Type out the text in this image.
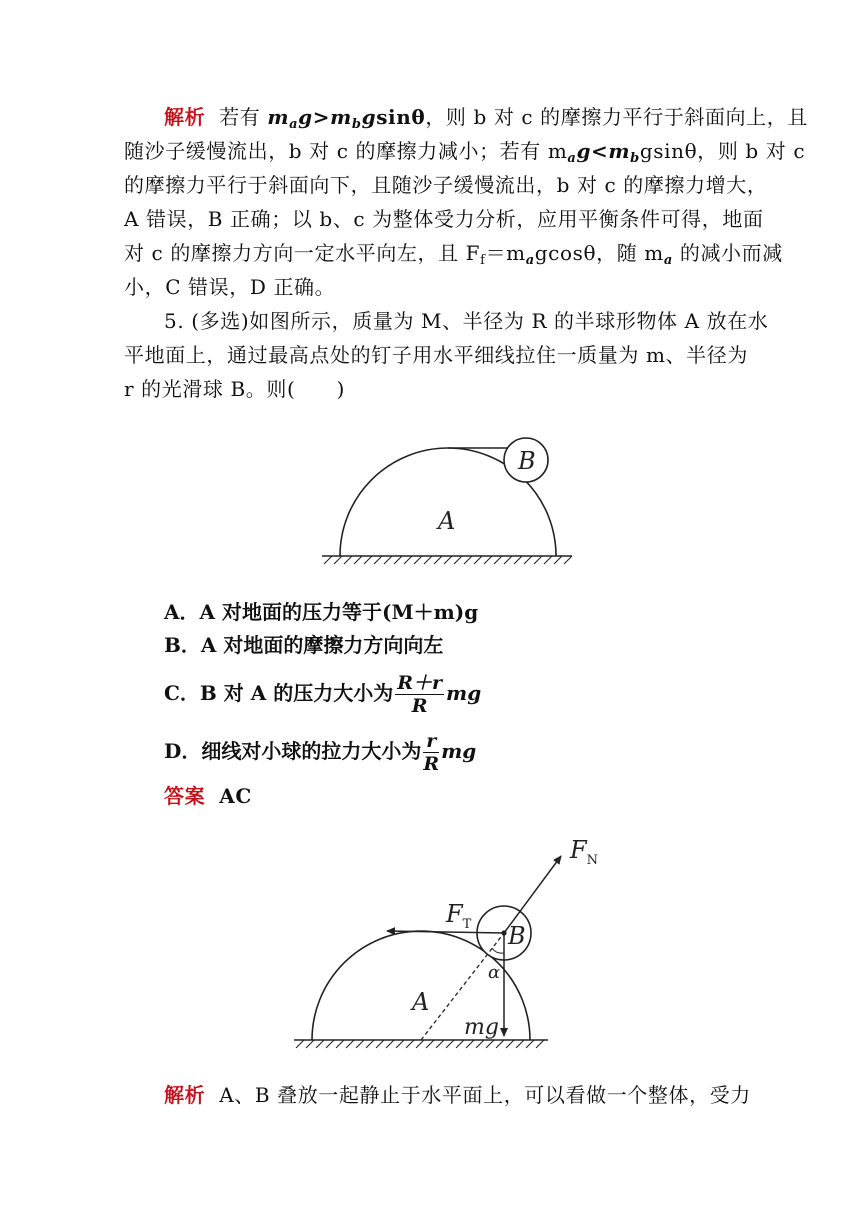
解析 若有 $m_ag>m_bgsin\theta$，则 b 对 c 的摩擦力平行于斜面向上，且
随沙子缓慢流出，b 对 c 的摩擦力减小；若有 $m_ag<m_bgsin\theta$，则 b 对 c
的摩擦力平行于斜面向下，且随沙子缓慢流出，b 对 c 的摩擦力增大，
A 错误，B 正确；以 b、c 为整体受力分析，应用平衡条件可得，地面
对 c 的摩擦力方向一定水平向左，且 $F_f=m_agcos\theta$，随 $m_a$ 的减小而减
小，C 错误，D 正确。
5. (多选)如图所示，质量为 M、半径为 R 的半球形物体 A 放在水
平地面上，通过最高点处的钉子用水平细线拉住一质量为 m、半径为
r 的光滑球 B。则(　　)
B
A
A．A 对地面的压力等于(M＋m)g
B．A 对地面的摩擦力方向向左
C．B 对 A 的压力大小为 $\frac{R+r}{R}$ mg
D．细线对小球的拉力大小为 $\frac{r}{R}$ mg
答案 AC
$F_N$
$F_T$ B
α
A
mg
解析 A、B 叠放一起静止于水平面上，可以看做一个整体，受力
